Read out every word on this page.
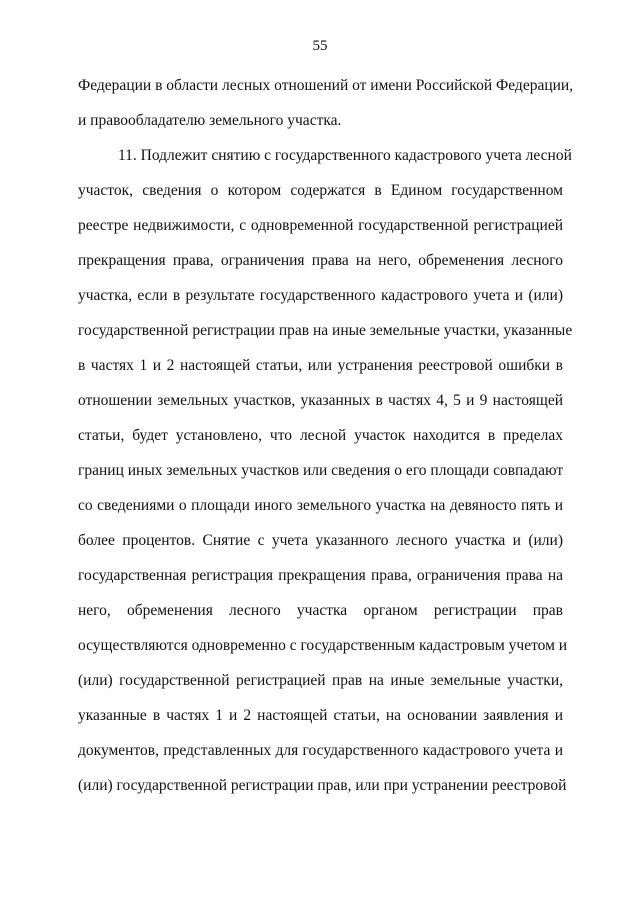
55
Федерации в области лесных отношений от имени Российской Федерации,
и правообладателю земельного участка.
11. Подлежит снятию с государственного кадастрового учета лесной
участок, сведения о котором содержатся в Едином государственном
реестре недвижимости, с одновременной государственной регистрацией
прекращения права, ограничения права на него, обременения лесного
участка, если в результате государственного кадастрового учета и (или)
государственной регистрации прав на иные земельные участки, указанные
в частях 1 и 2 настоящей статьи, или устранения реестровой ошибки в
отношении земельных участков, указанных в частях 4, 5 и 9 настоящей
статьи, будет установлено, что лесной участок находится в пределах
границ иных земельных участков или сведения о его площади совпадают
со сведениями о площади иного земельного участка на девяносто пять и
более процентов. Снятие с учета указанного лесного участка и (или)
государственная регистрация прекращения права, ограничения права на
него, обременения лесного участка органом регистрации прав
осуществляются одновременно с государственным кадастровым учетом и
(или) государственной регистрацией прав на иные земельные участки,
указанные в частях 1 и 2 настоящей статьи, на основании заявления и
документов, представленных для государственного кадастрового учета и
(или) государственной регистрации прав, или при устранении реестровой
